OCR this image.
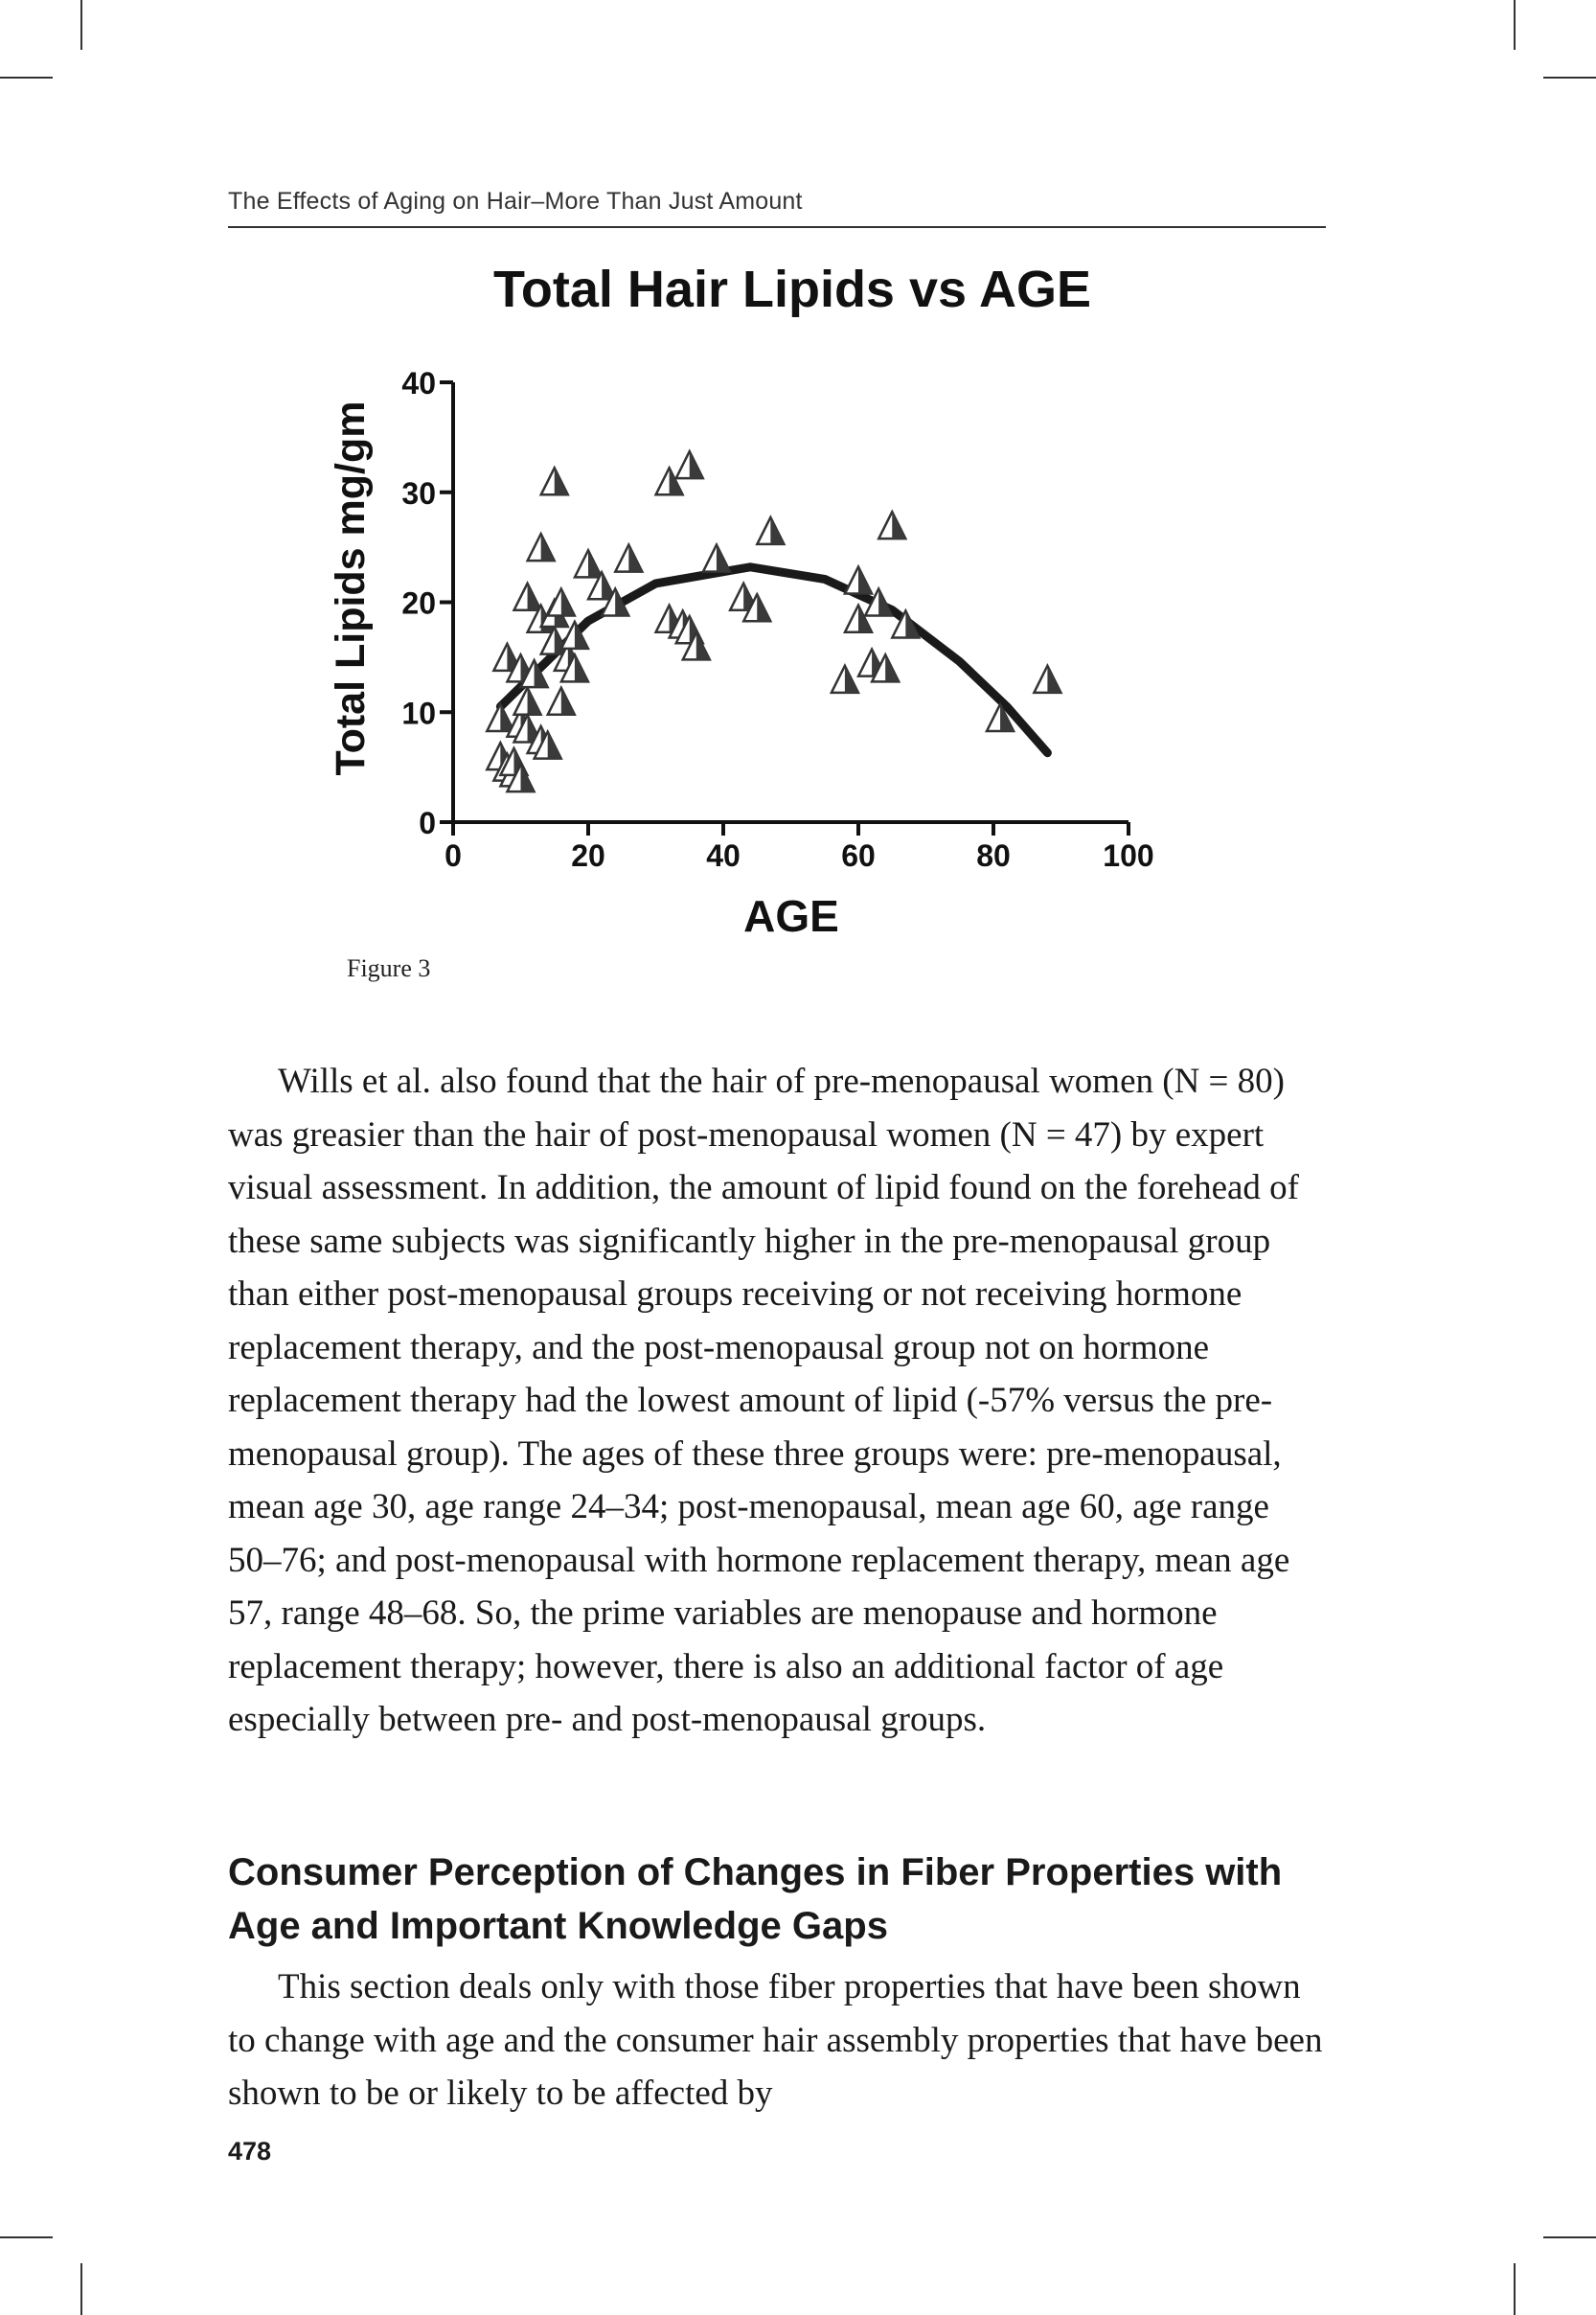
The Effects of Aging on Hair–More Than Just Amount
Total Hair Lipids vs AGE
Total Lipids mg/gm
AGE
0
10
20
30
40
0	20	40	60	80	100
Figure 3

Wills et al. also found that the hair of pre-menopausal women (N = 80) was greasier than the hair of post-menopausal women (N = 47) by expert visual assessment. In addition, the amount of lipid found on the forehead of these same subjects was significantly higher in the pre-menopausal group than either post-menopausal groups receiving or not receiving hormone replacement therapy, and the post-menopausal group not on hormone replacement therapy had the lowest amount of lipid (-57% versus the pre-menopausal group). The ages of these three groups were: pre-menopausal, mean age 30, age range 24–34; post-menopausal, mean age 60, age range 50–76; and post-menopausal with hormone replacement therapy, mean age 57, range 48–68. So, the prime variables are menopause and hormone replacement therapy; however, there is also an additional factor of age especially between pre- and post-menopausal groups.

Consumer Perception of Changes in Fiber Properties with Age and Important Knowledge Gaps

This section deals only with those fiber properties that have been shown to change with age and the consumer hair assembly properties that have been shown to be or likely to be affected by

478
